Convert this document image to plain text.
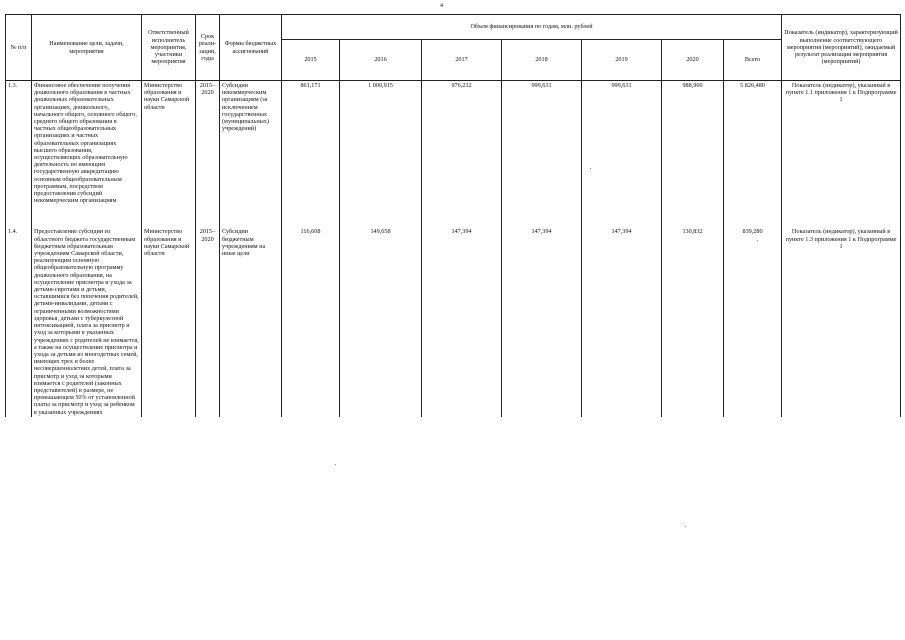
4
№ п/п	Наименование цели, задачи, мероприятия	Ответственный исполнитель мероприятия, участники мероприятия	Срок реали-зации, годы	Формы бюджетных ассигнований	Объем финансирования по годам, млн. рублей							Показатель (индикатор), характеризующий выполнение соответствующего мероприятия (мероприятий), ожидаемый результат реализации мероприятия (мероприятий)
					2015	2016	2017	2018	2019	2020	Всего	
1.3.	Финансовое обеспечение получения дошкольного образования в частных дошкольных образовательных организациях, дошкольного, начального общего, основного общего, среднего общего образования в частных общеобразовательных организациях и частных образовательных организациях высшего образования, осуществляющих образовательную деятельность по имеющим государственную аккредитацию основным общеобразовательным программам, посредством предоставления субсидий некоммерческим организациям	Министерство образования и науки Самарской области	2015–2020	Субсидии некоммерческим организациям (за исключением государственных (муниципальных) учреждений)	861,171	1 000,915	976,232	999,631	999,631	988,900	5 826,480	Показатель (индикатор), указанный в пункте 1.1 приложения 1 к Подпрограмме 1

1.4.	Предоставление субсидии из областного бюджета государственным бюджетным образовательным учреждениям Самарской области, реализующим основную общеобразовательную программу дошкольного образования, на осуществление присмотра и ухода за детьми-сиротами и детьми, оставшимися без попечения родителей, детьми-инвалидами, детьми с ограниченными возможностями здоровья, детьми с туберкулезной интоксикацией, плата за присмотр и уход за которыми в указанных учреждениях с родителей не взимается, а также на осуществление присмотра и ухода за детьми из многодетных семей, имеющих трех и более несовершеннолетних детей, плата за присмотр и уход за которыми взимается с родителей (законных представителей) в размере, не превышающем 50% от установленной платы за присмотр и уход за ребенком в указанных учреждениях	Министерство образования и науки Самарской области	2015–2020	Субсидии бюджетным учреждениям на иные цели	116,608	149,658	147,394	147,394	147,394	130,832	839,280	Показатель (индикатор), указанный в пункте 1.3 приложения 1 к Подпрограмме 1
